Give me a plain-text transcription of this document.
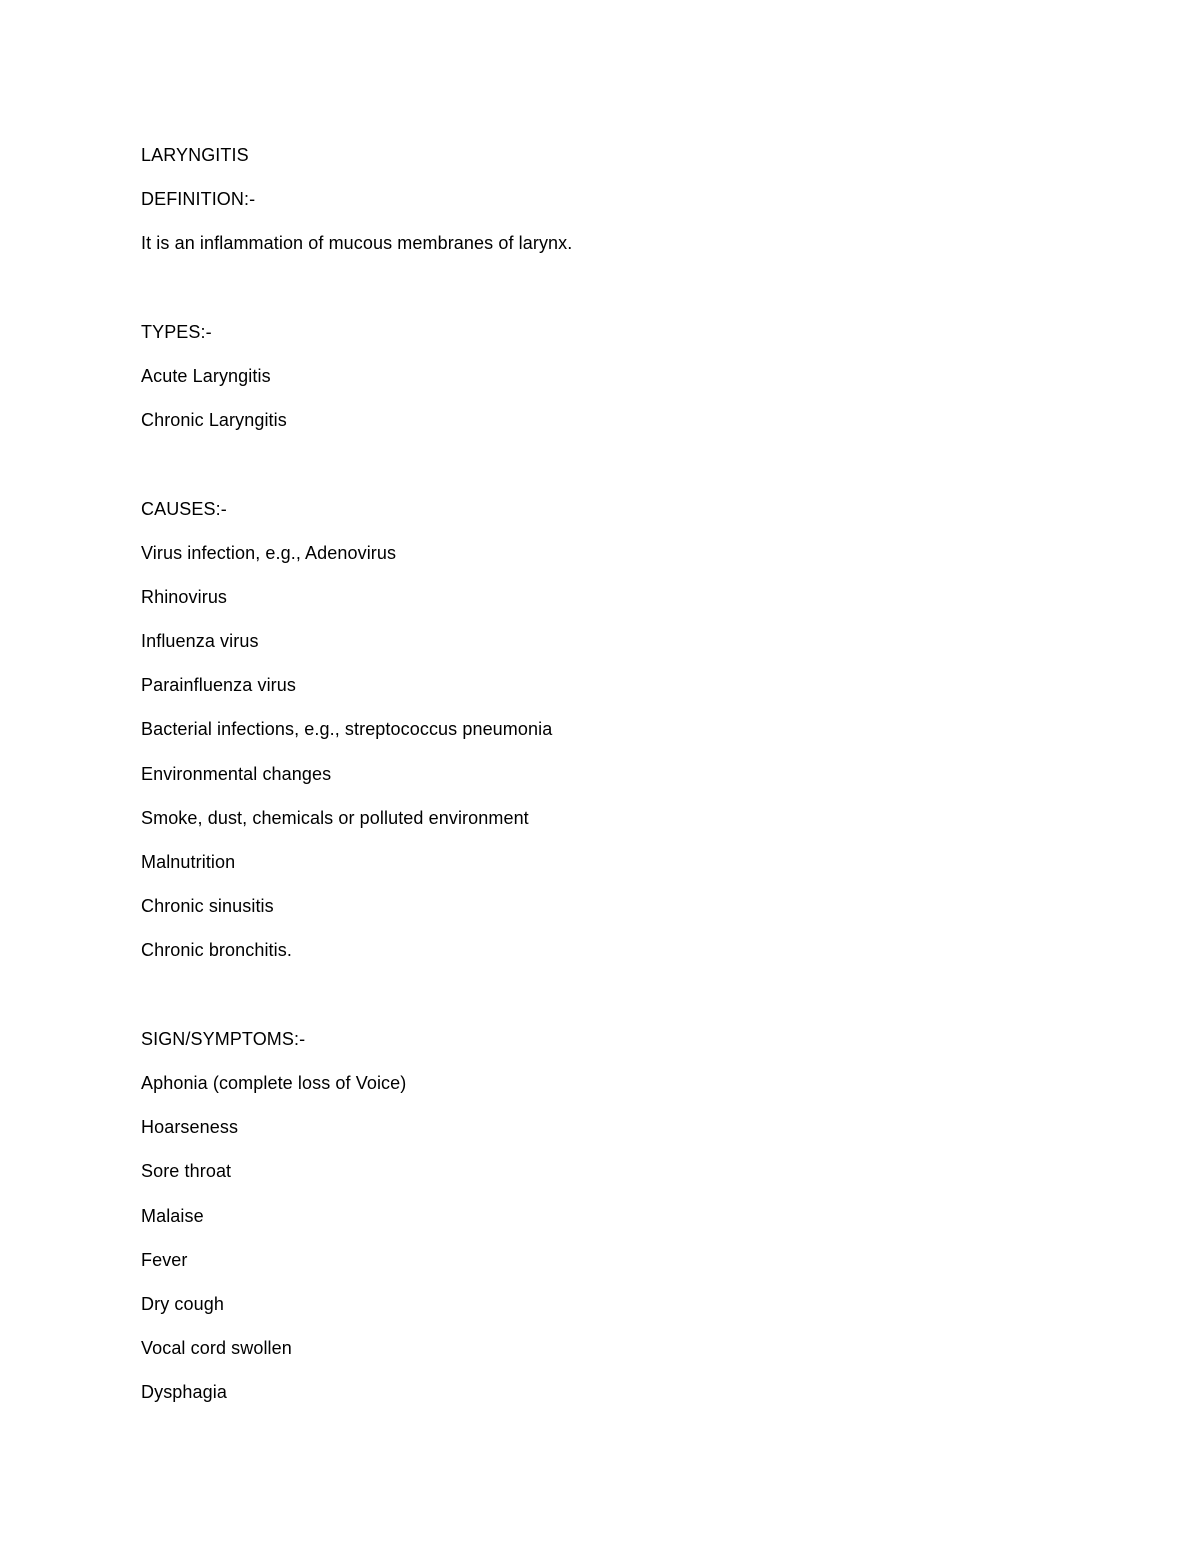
LARYNGITIS
DEFINITION:-
It is an inflammation of mucous membranes of larynx.
TYPES:-
Acute Laryngitis
Chronic Laryngitis
CAUSES:-
Virus infection, e.g., Adenovirus
Rhinovirus
Influenza virus
Parainfluenza virus
Bacterial infections, e.g., streptococcus pneumonia
Environmental changes
Smoke, dust, chemicals or polluted environment
Malnutrition
Chronic sinusitis
Chronic bronchitis.
SIGN/SYMPTOMS:-
Aphonia (complete loss of Voice)
Hoarseness
Sore throat
Malaise
Fever
Dry cough
Vocal cord swollen
Dysphagia
